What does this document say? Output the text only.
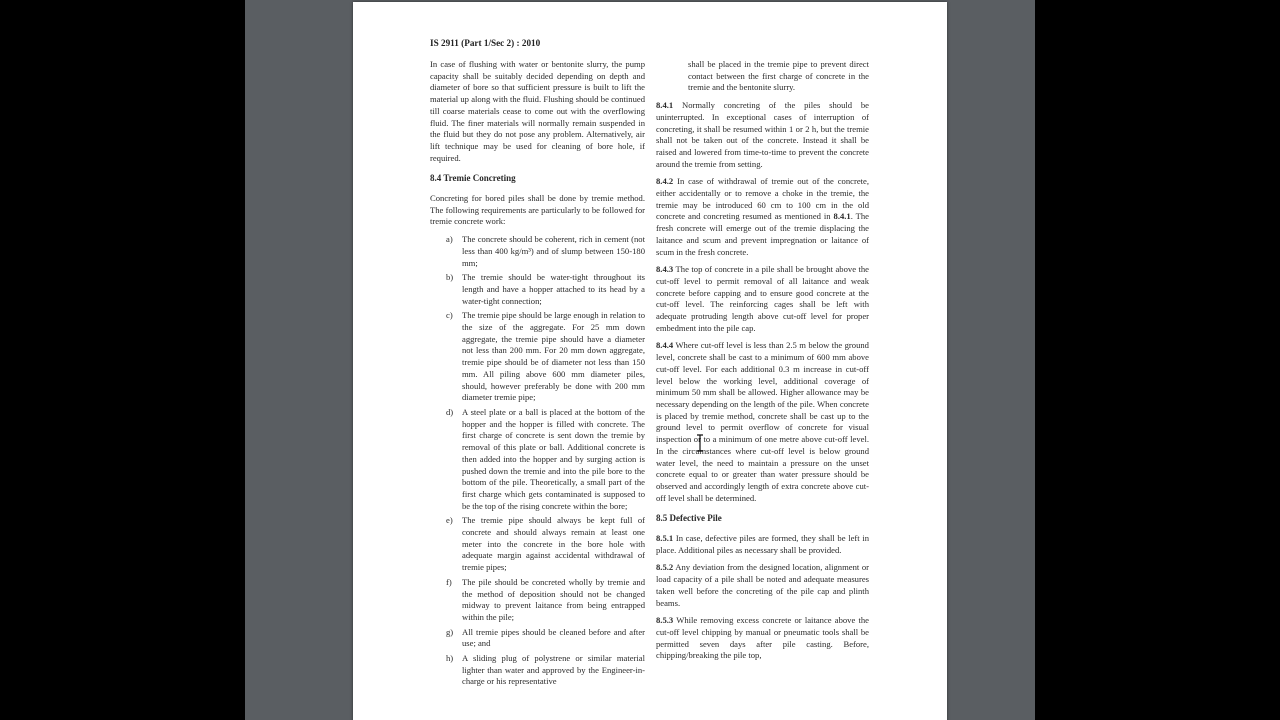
IS 2911 (Part 1/Sec 2) : 2010

In case of flushing with water or bentonite slurry, the pump capacity shall be suitably decided depending on depth and diameter of bore so that sufficient pressure is built to lift the material up along with the fluid. Flushing should be continued till coarse materials cease to come out with the overflowing fluid. The finer materials will normally remain suspended in the fluid but they do not pose any problem. Alternatively, air lift technique may be used for cleaning of bore hole, if required.

8.4 Tremie Concreting

Concreting for bored piles shall be done by tremie method. The following requirements are particularly to be followed for tremie concrete work:

a)	The concrete should be coherent, rich in cement (not less than 400 kg/m³) and of slump between 150-180 mm;
b)	The tremie should be water-tight throughout its length and have a hopper attached to its head by a water-tight connection;
c)	The tremie pipe should be large enough in relation to the size of the aggregate. For 25 mm down aggregate, the tremie pipe should have a diameter not less than 200 mm. For 20 mm down aggregate, tremie pipe should be of diameter not less than 150 mm. All piling above 600 mm diameter piles, should, however preferably be done with 200 mm diameter tremie pipe;
d)	A steel plate or a ball is placed at the bottom of the hopper and the hopper is filled with concrete. The first charge of concrete is sent down the tremie by removal of this plate or ball. Additional concrete is then added into the hopper and by surging action is pushed down the tremie and into the pile bore to the bottom of the pile. Theoretically, a small part of the first charge which gets contaminated is supposed to be the top of the rising concrete within the bore;
e)	The tremie pipe should always be kept full of concrete and should always remain at least one meter into the concrete in the bore hole with adequate margin against accidental withdrawal of tremie pipes;
f)	The pile should be concreted wholly by tremie and the method of deposition should not be changed midway to prevent laitance from being entrapped within the pile;
g)	All tremie pipes should be cleaned before and after use; and
h)	A sliding plug of polystrene or similar material lighter than water and approved by the Engineer-in-charge or his representative

shall be placed in the tremie pipe to prevent direct contact between the first charge of concrete in the tremie and the bentonite slurry.

8.4.1 Normally concreting of the piles should be uninterrupted. In exceptional cases of interruption of concreting, it shall be resumed within 1 or 2 h, but the tremie shall not be taken out of the concrete. Instead it shall be raised and lowered from time-to-time to prevent the concrete around the tremie from setting.

8.4.2 In case of withdrawal of tremie out of the concrete, either accidentally or to remove a choke in the tremie, the tremie may be introduced 60 cm to 100 cm in the old concrete and concreting resumed as mentioned in 8.4.1. The fresh concrete will emerge out of the tremie displacing the laitance and scum and prevent impregnation or laitance of scum in the fresh concrete.

8.4.3 The top of concrete in a pile shall be brought above the cut-off level to permit removal of all laitance and weak concrete before capping and to ensure good concrete at the cut-off level. The reinforcing cages shall be left with adequate protruding length above cut-off level for proper embedment into the pile cap.

8.4.4 Where cut-off level is less than 2.5 m below the ground level, concrete shall be cast to a minimum of 600 mm above cut-off level. For each additional 0.3 m increase in cut-off level below the working level, additional coverage of minimum 50 mm shall be allowed. Higher allowance may be necessary depending on the length of the pile. When concrete is placed by tremie method, concrete shall be cast up to the ground level to permit overflow of concrete for visual inspection or to a minimum of one metre above cut-off level. In the circumstances where cut-off level is below ground water level, the need to maintain a pressure on the unset concrete equal to or greater than water pressure should be observed and accordingly length of extra concrete above cut-off level shall be determined.

8.5 Defective Pile

8.5.1 In case, defective piles are formed, they shall be left in place. Additional piles as necessary shall be provided.

8.5.2 Any deviation from the designed location, alignment or load capacity of a pile shall be noted and adequate measures taken well before the concreting of the pile cap and plinth beams.

8.5.3 While removing excess concrete or laitance above the cut-off level chipping by manual or pneumatic tools shall be permitted seven days after pile casting. Before, chipping/breaking the pile top,
